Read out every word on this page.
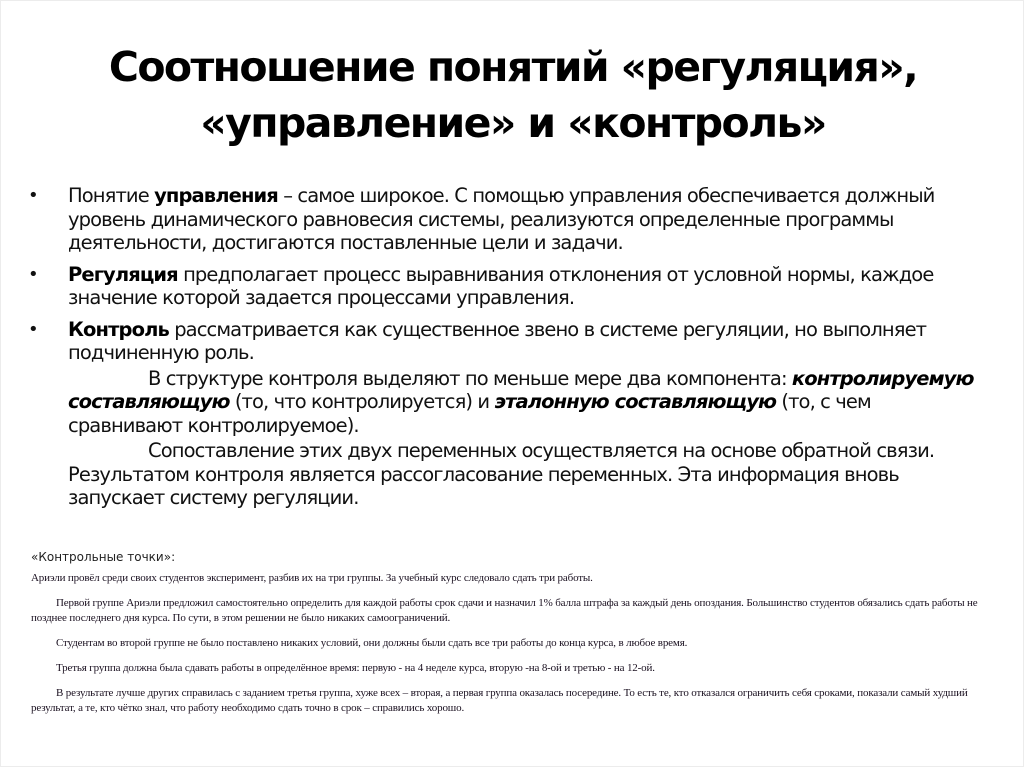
Соотношение понятий «регуляция»,
«управление» и «контроль»
• Понятие управления – самое широкое. С помощью управления обеспечивается должный уровень динамического равновесия системы, реализуются определенные программы деятельности, достигаются поставленные цели и задачи.
• Регуляция предполагает процесс выравнивания отклонения от условной нормы, каждое значение которой задается процессами управления.
• Контроль рассматривается как существенное звено в системе регуляции, но выполняет подчиненную роль.
В структуре контроля выделяют по меньше мере два компонента: контролируемую составляющую (то, что контролируется) и эталонную составляющую (то, с чем сравнивают контролируемое).
Сопоставление этих двух переменных осуществляется на основе обратной связи. Результатом контроля является рассогласование переменных. Эта информация вновь запускает систему регуляции.
«Контрольные точки»:

Ариэли провёл среди своих студентов эксперимент, разбив их на три группы. За учебный курс следовало сдать три работы.

Первой группе Ариэли предложил самостоятельно определить для каждой работы срок сдачи и назначил 1% балла штрафа за каждый день опоздания. Большинство студентов обязались сдать работы не позднее последнего дня курса. По сути, в этом решении не было никаких самоограничений.

Студентам во второй группе не было поставлено никаких условий, они должны были сдать все три работы до конца курса, в любое время.

Третья группа должна была сдавать работы в определённое время: первую - на 4 неделе курса, вторую -на 8-ой и третью - на 12-ой.

В результате лучше других справилась с заданием третья группа, хуже всех – вторая, а первая группа оказалась посередине. То есть те, кто отказался ограничить себя сроками, показали самый худший результат, а те, кто чётко знал, что работу необходимо сдать точно в срок – справились хорошо.
